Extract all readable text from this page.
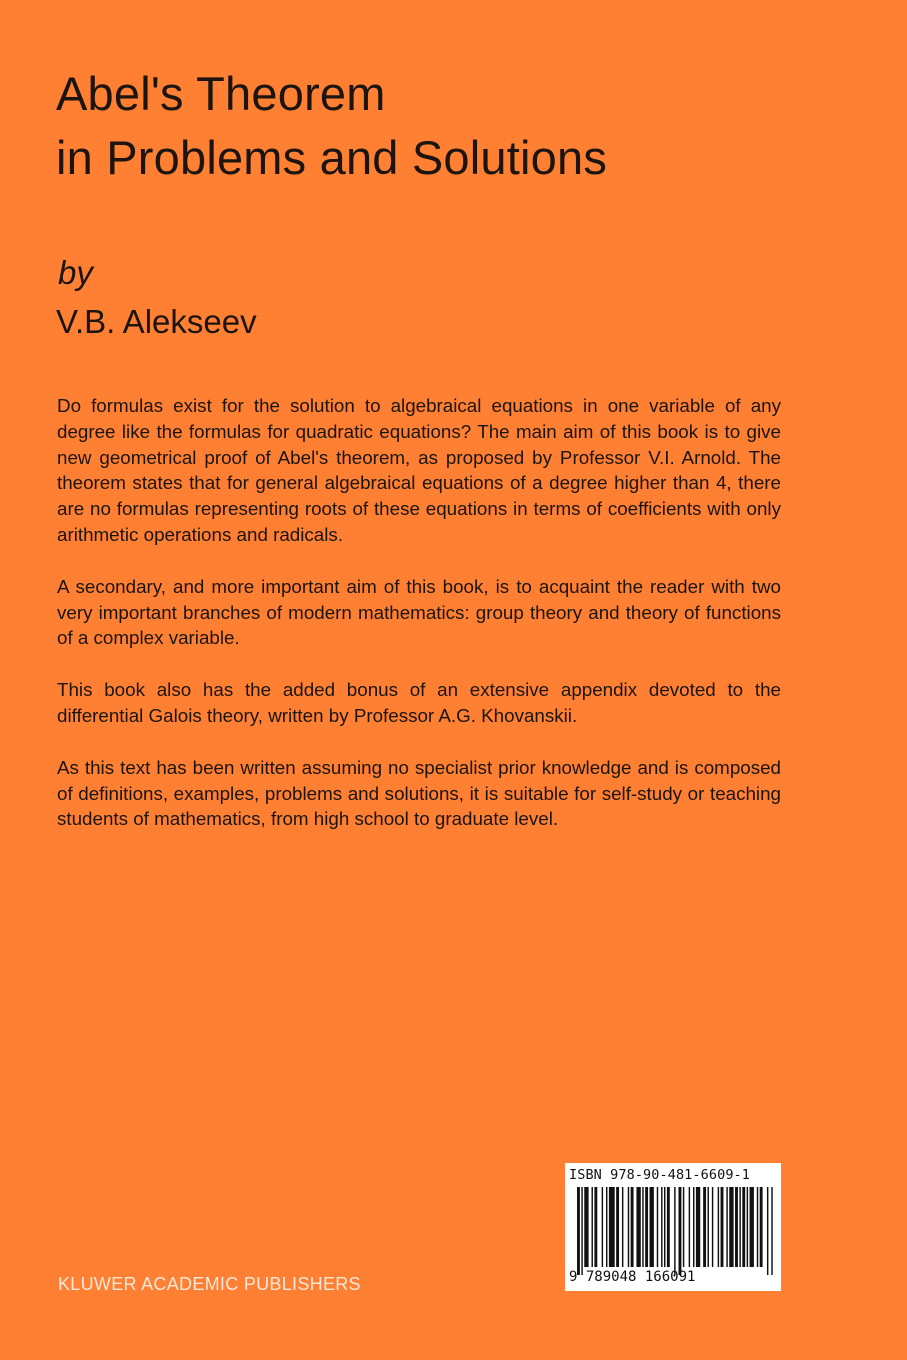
Abel's Theorem
in Problems and Solutions

by

V.B. Alekseev

Do formulas exist for the solution to algebraical equations in one variable of any degree like the formulas for quadratic equations? The main aim of this book is to give new geometrical proof of Abel's theorem, as proposed by Professor V.I. Arnold. The theorem states that for general algebraical equations of a degree higher than 4, there are no formulas representing roots of these equations in terms of coefficients with only arithmetic operations and radicals.

A secondary, and more important aim of this book, is to acquaint the reader with two very important branches of modern mathematics: group theory and theory of functions of a complex variable.

This book also has the added bonus of an extensive appendix devoted to the differential Galois theory, written by Professor A.G. Khovanskii.

As this text has been written assuming no specialist prior knowledge and is composed of definitions, examples, problems and solutions, it is suitable for self-study or teaching students of mathematics, from high school to graduate level.

KLUWER ACADEMIC PUBLISHERS

ISBN 978-90-481-6609-1
9 789048 166091
